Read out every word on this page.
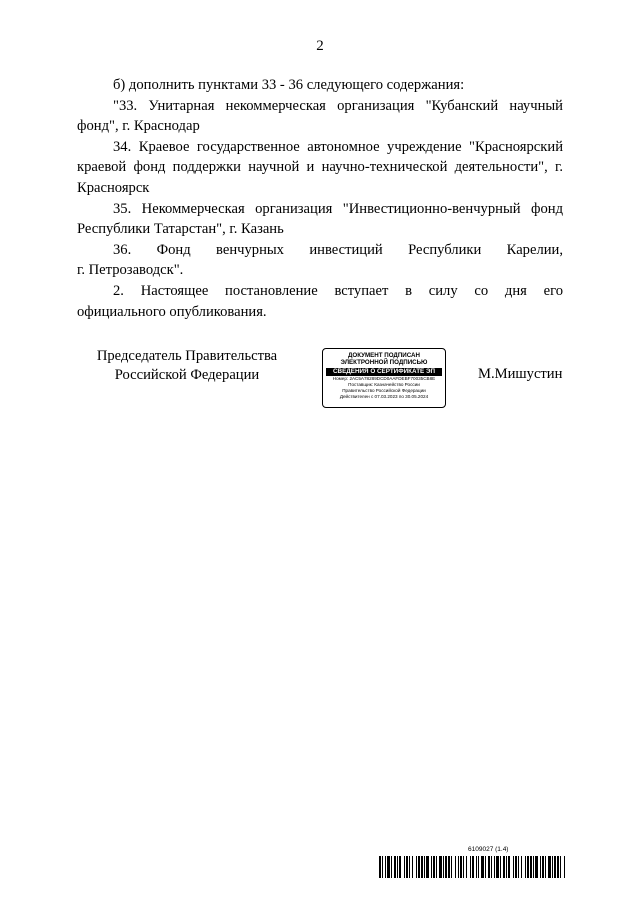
2

б) дополнить пунктами 33 - 36 следующего содержания:

"33. Унитарная некоммерческая организация "Кубанский научный фонд", г. Краснодар

34. Краевое государственное автономное учреждение "Красноярский краевой фонд поддержки научной и научно-технической деятельности", г. Красноярск

35. Некоммерческая организация "Инвестиционно-венчурный фонд Республики Татарстан", г. Казань

36. Фонд венчурных инвестиций Республики Карелии,

г. Петрозаводск".

2. Настоящее постановление вступает в силу со дня его

официального опубликования.

Председатель Правительства
Российской Федерации
ДОКУМЕНТ ПОДПИСАН
ЭЛЕКТРОННОЙ ПОДПИСЬЮ
СВЕДЕНИЯ О СЕРТИФИКАТЕ ЭП
Номер: 2AC5A78289DCD0AAFDEBF70035CB8E
Поставщик: Казначейство России
Правительство Российской Федерации
Действителен с 07.03.2023 по 30.05.2024
М.Мишустин
6109027 (1.4)
